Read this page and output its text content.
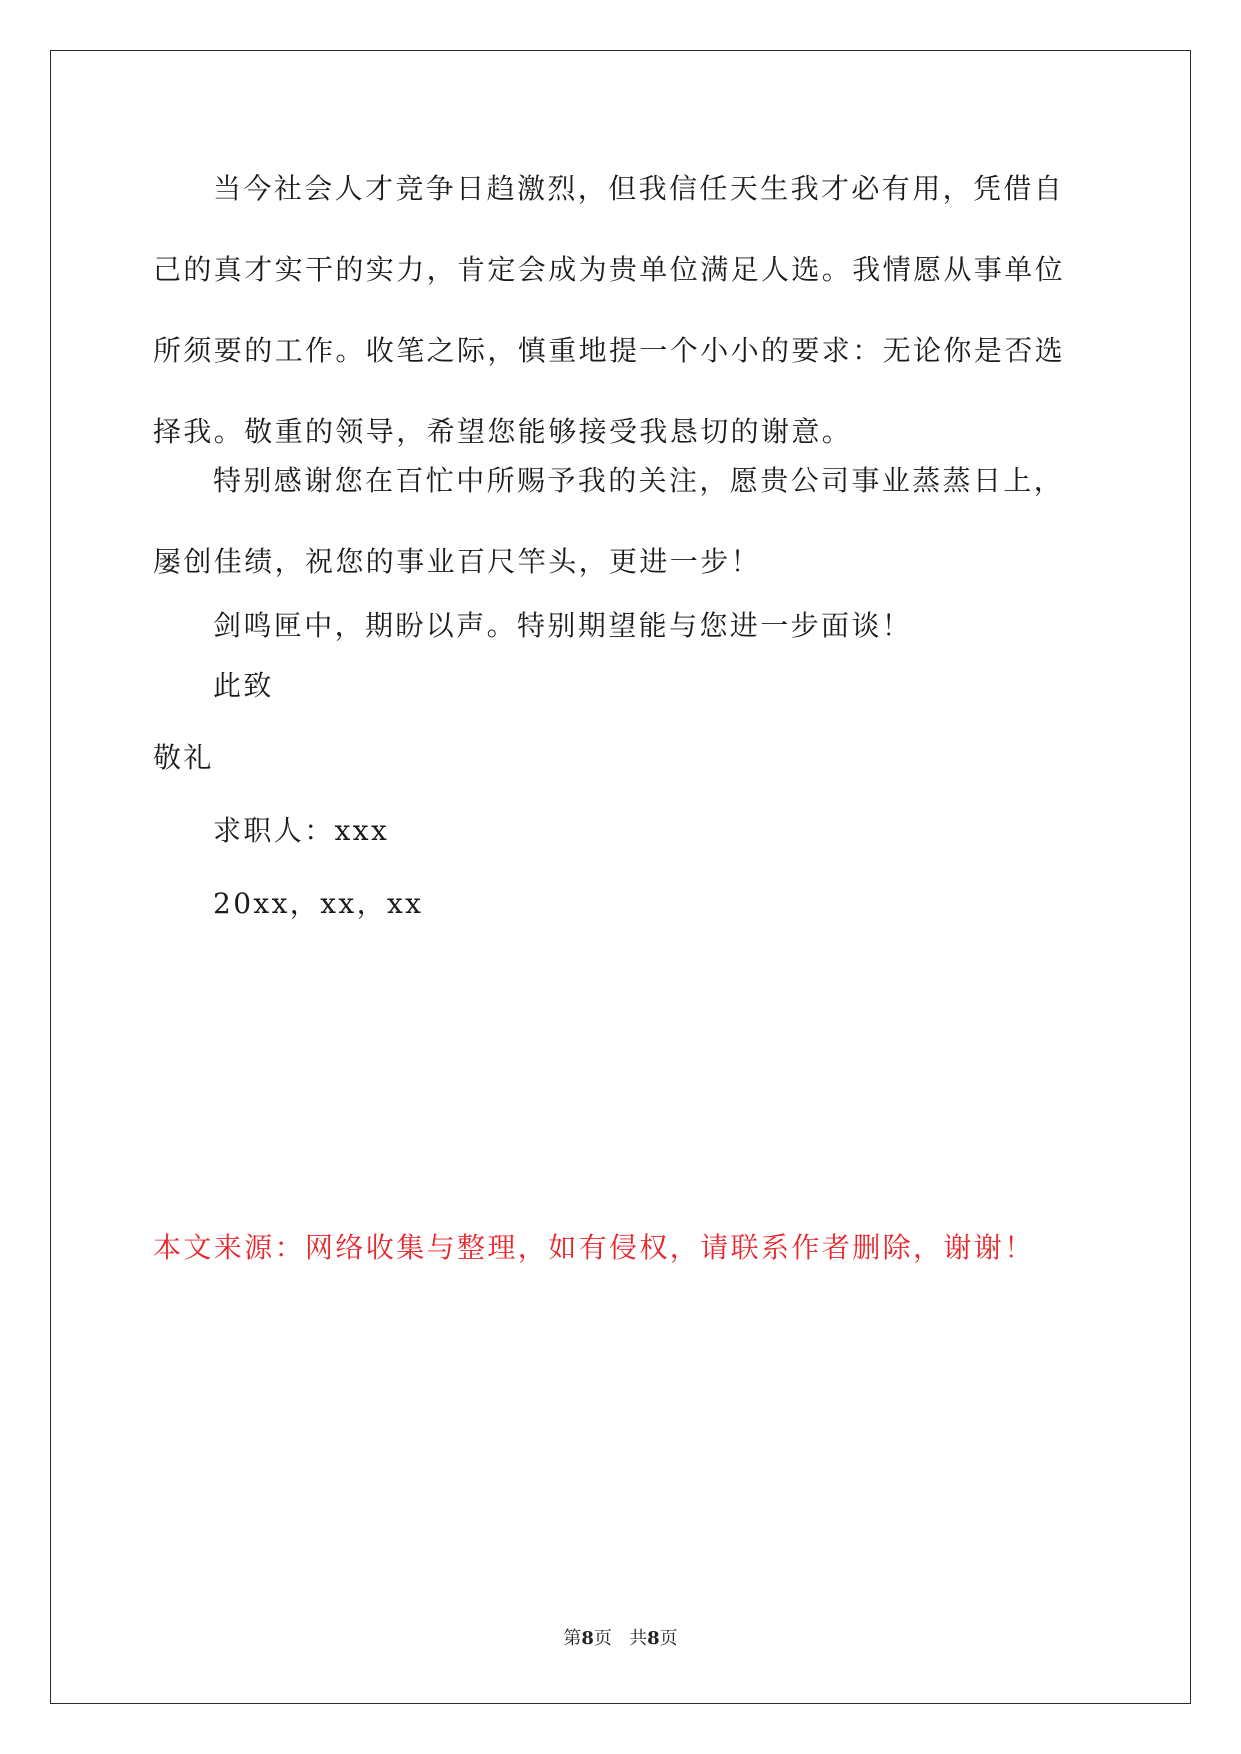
当今社会人才竞争日趋激烈，但我信任天生我才必有用，凭借自己的真才实干的实力，肯定会成为贵单位满足人选。我情愿从事单位所须要的工作。收笔之际，慎重地提一个小小的要求：无论你是否选择我。敬重的领导，希望您能够接受我恳切的谢意。

特别感谢您在百忙中所赐予我的关注，愿贵公司事业蒸蒸日上，屡创佳绩，祝您的事业百尺竿头，更进一步！

剑鸣匣中，期盼以声。特别期望能与您进一步面谈！

此致
敬礼
求职人：xxx
20xx，xx，xx
本文来源：网络收集与整理，如有侵权，请联系作者删除，谢谢！
第8页 共8页
